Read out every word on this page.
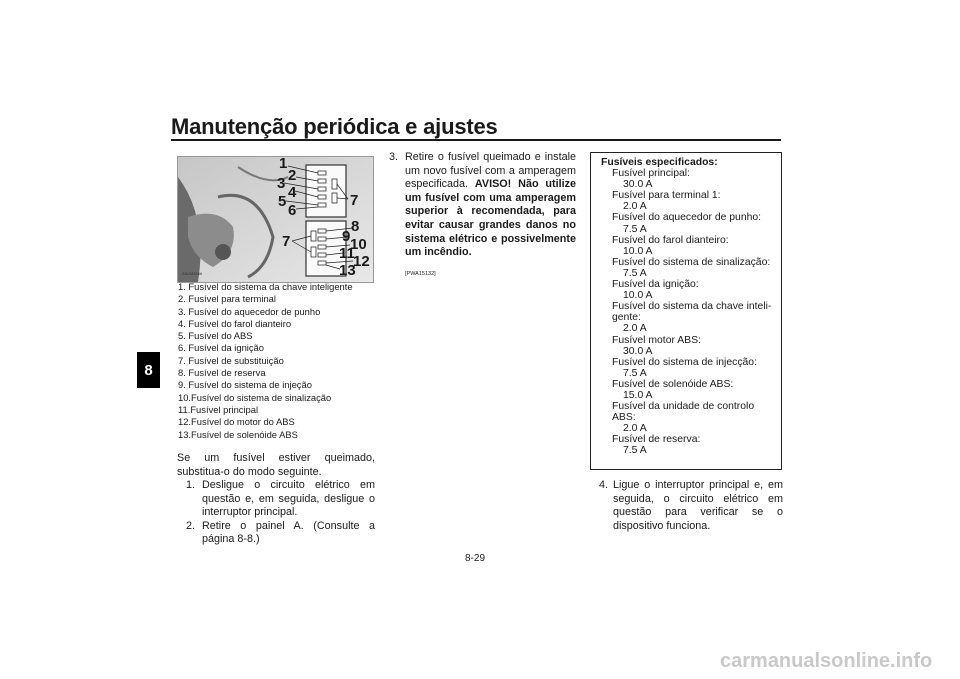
Manutenção periódica e ajustes
8
1
2
3
4
5
6
7
7
8
9 10
11
12
13
ZAUM1666
1. Fusível do sistema da chave inteligente
2. Fusível para terminal
3. Fusível do aquecedor de punho
4. Fusível do farol dianteiro
5. Fusível do ABS
6. Fusível da ignição
7. Fusível de substituição
8. Fusível de reserva
9. Fusível do sistema de injeção
10.Fusível do sistema de sinalização
11.Fusível principal
12.Fusível do motor do ABS
13.Fusível de solenóide ABS
Se um fusível estiver queimado, substitua-o do modo seguinte.
1. Desligue o circuito elétrico em questão e, em seguida, desligue o interruptor principal.
2. Retire o painel A. (Consulte a página 8-8.)
3. Retire o fusível queimado e instale um novo fusível com a amperagem especificada. AVISO! Não utilize um fusível com uma amperagem superior à recomendada, para evitar causar grandes danos no sistema elétrico e possivelmente um incêndio.
[PWA15132]
Fusíveis especificados:
Fusível principal:
30.0 A
Fusível para terminal 1:
2.0 A
Fusível do aquecedor de punho:
7.5 A
Fusível do farol dianteiro:
10.0 A
Fusível do sistema de sinalização:
7.5 A
Fusível da ignição:
10.0 A
Fusível do sistema da chave inteli-
gente:
2.0 A
Fusível motor ABS:
30.0 A
Fusível do sistema de injecção:
7.5 A
Fusível de solenóide ABS:
15.0 A
Fusível da unidade de controlo
ABS:
2.0 A
Fusível de reserva:
7.5 A
4. Ligue o interruptor principal e, em seguida, o circuito elétrico em questão para verificar se o dispositivo funciona.
8-29
carmanualsonline.info
